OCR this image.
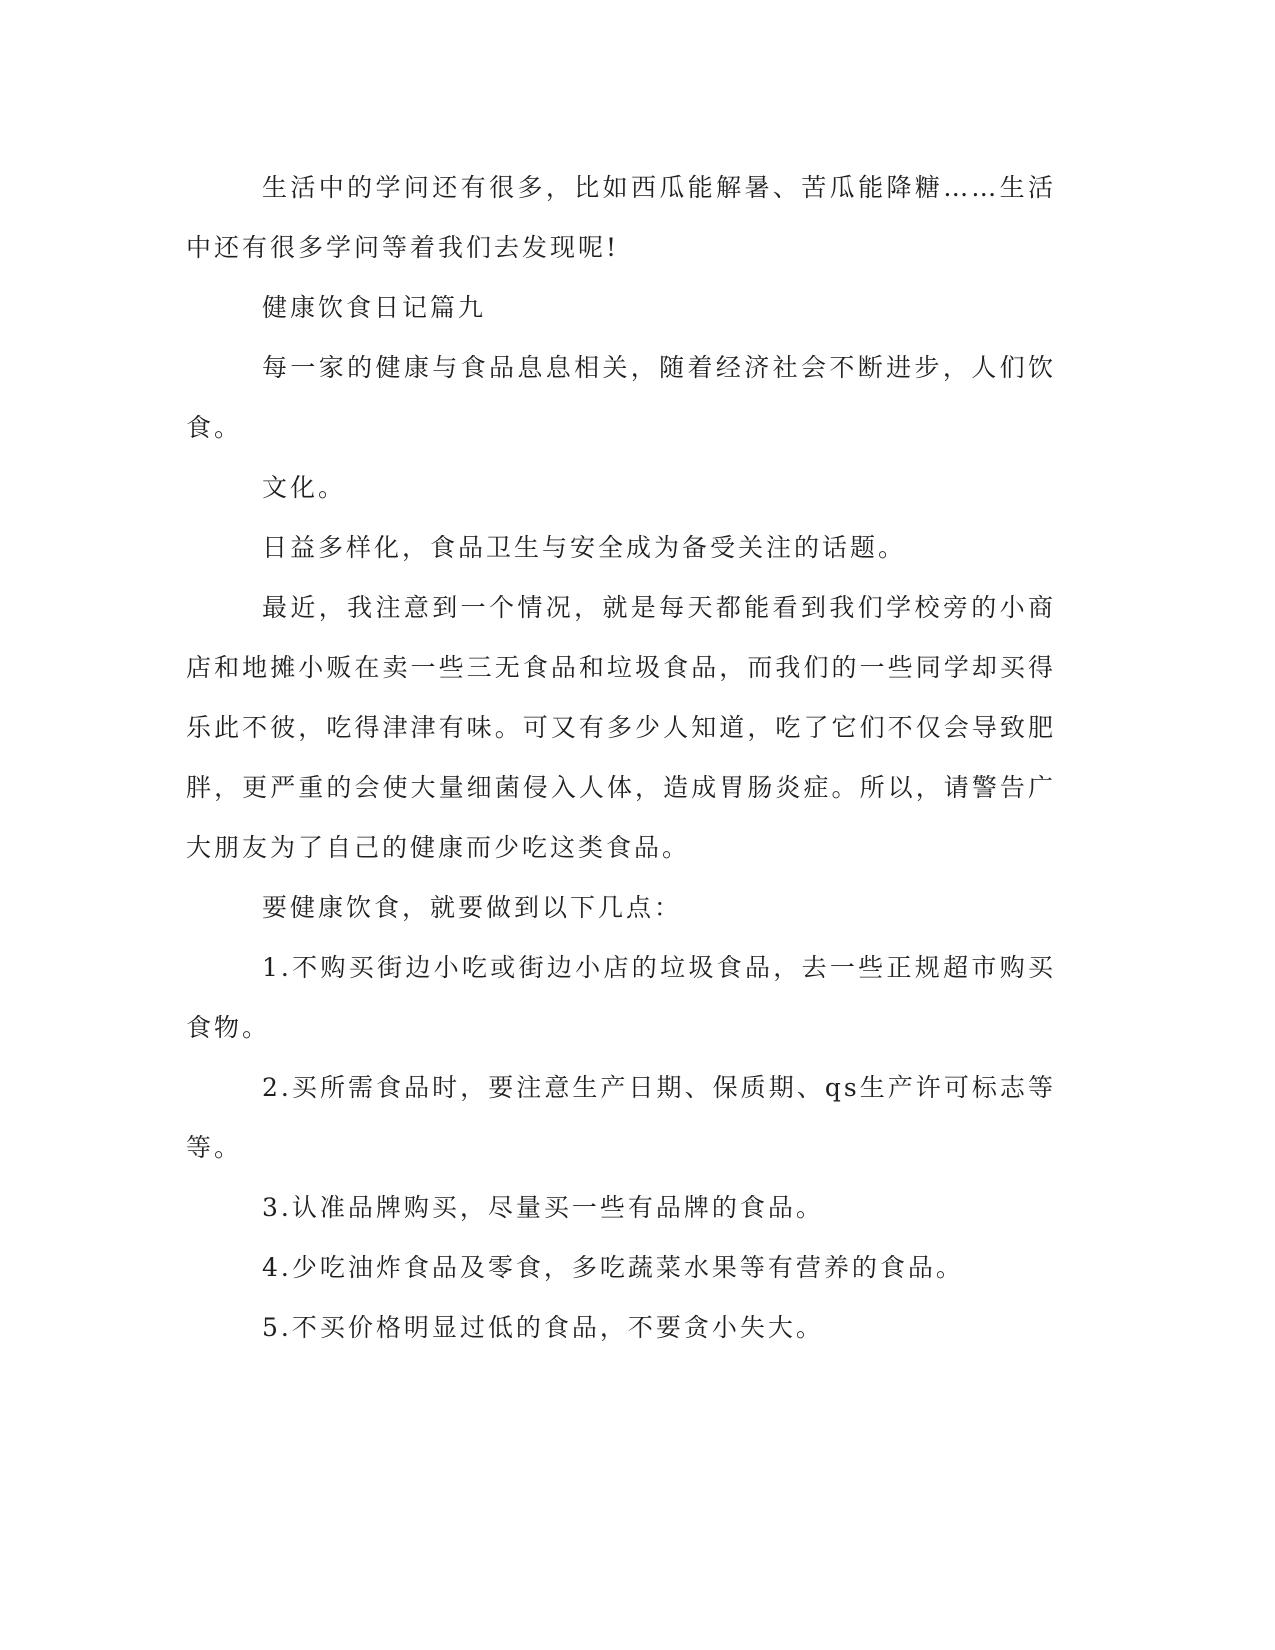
生活中的学问还有很多，比如西瓜能解暑、苦瓜能降糖……生活中还有很多学问等着我们去发现呢!

健康饮食日记篇九

每一家的健康与食品息息相关，随着经济社会不断进步，人们饮食。

文化。

日益多样化，食品卫生与安全成为备受关注的话题。

最近，我注意到一个情况，就是每天都能看到我们学校旁的小商店和地摊小贩在卖一些三无食品和垃圾食品，而我们的一些同学却买得乐此不彼，吃得津津有味。可又有多少人知道，吃了它们不仅会导致肥胖，更严重的会使大量细菌侵入人体，造成胃肠炎症。所以，请警告广大朋友为了自己的健康而少吃这类食品。

要健康饮食，就要做到以下几点：

1.不购买街边小吃或街边小店的垃圾食品，去一些正规超市购买食物。

2.买所需食品时，要注意生产日期、保质期、qs生产许可标志等等。

3.认准品牌购买，尽量买一些有品牌的食品。

4.少吃油炸食品及零食，多吃蔬菜水果等有营养的食品。

5.不买价格明显过低的食品，不要贪小失大。
